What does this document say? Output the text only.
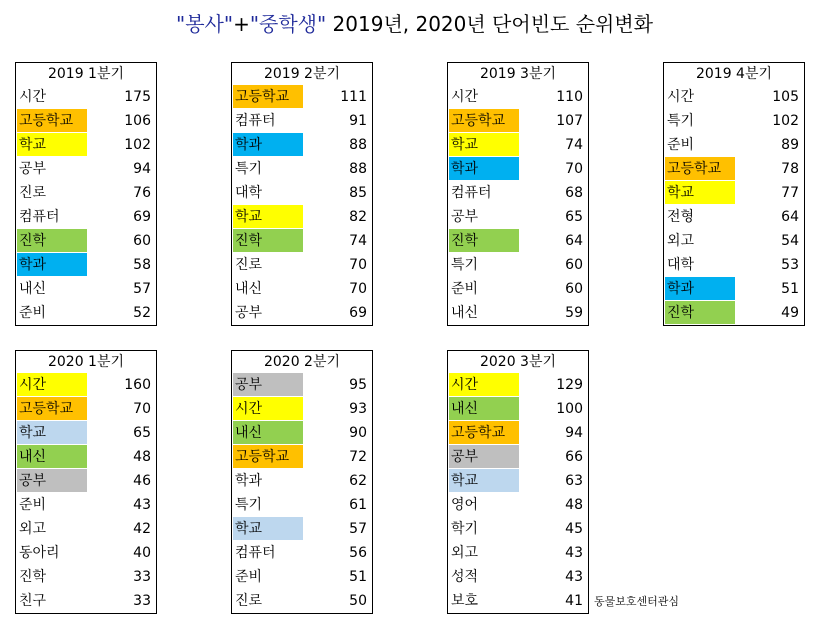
"봉사"+"중학생" 2019년, 2020년 단어빈도 순위변화
2019 1분기
시간	175
고등학교	106
학교	102
공부	94
진로	76
컴퓨터	69
진학	60
학과	58
내신	57
준비	52
2019 2분기
고등학교	111
컴퓨터	91
학과	88
특기	88
대학	85
학교	82
진학	74
진로	70
내신	70
공부	69
2019 3분기
시간	110
고등학교	107
학교	74
학과	70
컴퓨터	68
공부	65
진학	64
특기	60
준비	60
내신	59
2019 4분기
시간	105
특기	102
준비	89
고등학교	78
학교	77
전형	64
외고	54
대학	53
학과	51
진학	49
2020 1분기
시간	160
고등학교	70
학교	65
내신	48
공부	46
준비	43
외고	42
동아리	40
진학	33
친구	33
2020 2분기
공부	95
시간	93
내신	90
고등학교	72
학과	62
특기	61
학교	57
컴퓨터	56
준비	51
진로	50
2020 3분기
시간	129
내신	100
고등학교	94
공부	66
학교	63
영어	48
학기	45
외고	43
성적	43
보호	41 동물보호센터관심
